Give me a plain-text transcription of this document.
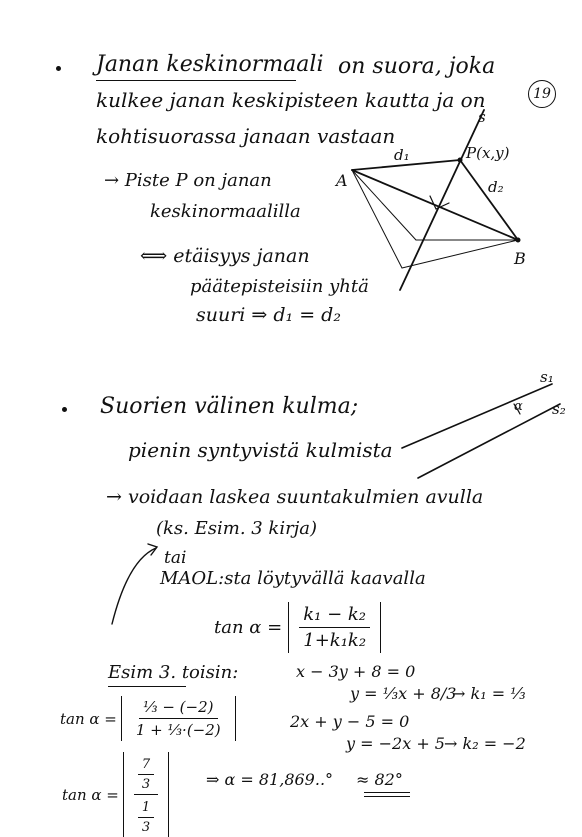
Janan keskinormaali on suora, joka
kulkee janan keskipisteen kautta ja on	19
kohtisuorassa janaan vastaan
→ Piste P on janan
keskinormaalilla
⟺ etäisyys janan
päätepisteisiin yhtä
suuri ⇒ d₁ = d₂
A
B
P(x,y)
s
d₁
d₂
Suorien välinen kulma;
pienin syntyvistä kulmista
→ voidaan laskea suuntakulmien avulla
(ks. Esim. 3 kirja)
tai
MAOL:sta löytyvällä kaavalla
s₁
s₂
α
$\tan \alpha = \frac{\text{k₁ − k₂}}{\text{1+k₁k₂}}$
Esim 3. toisin:	x − 3y + 8 = 0
y = ⅓x + 8/3
→ k₁ = ⅓
2x + y − 5 = 0
y = −2x + 5 → k₂ = −2
$\tan \alpha = \frac{\text{⅓ − (−2)}}{\text{1 + ⅓·(−2)}}$
$\tan \alpha = \frac{\frac{7}{3}}{\frac{1}{3}}$	⇒ α = 81,869..° ≈ 82°
